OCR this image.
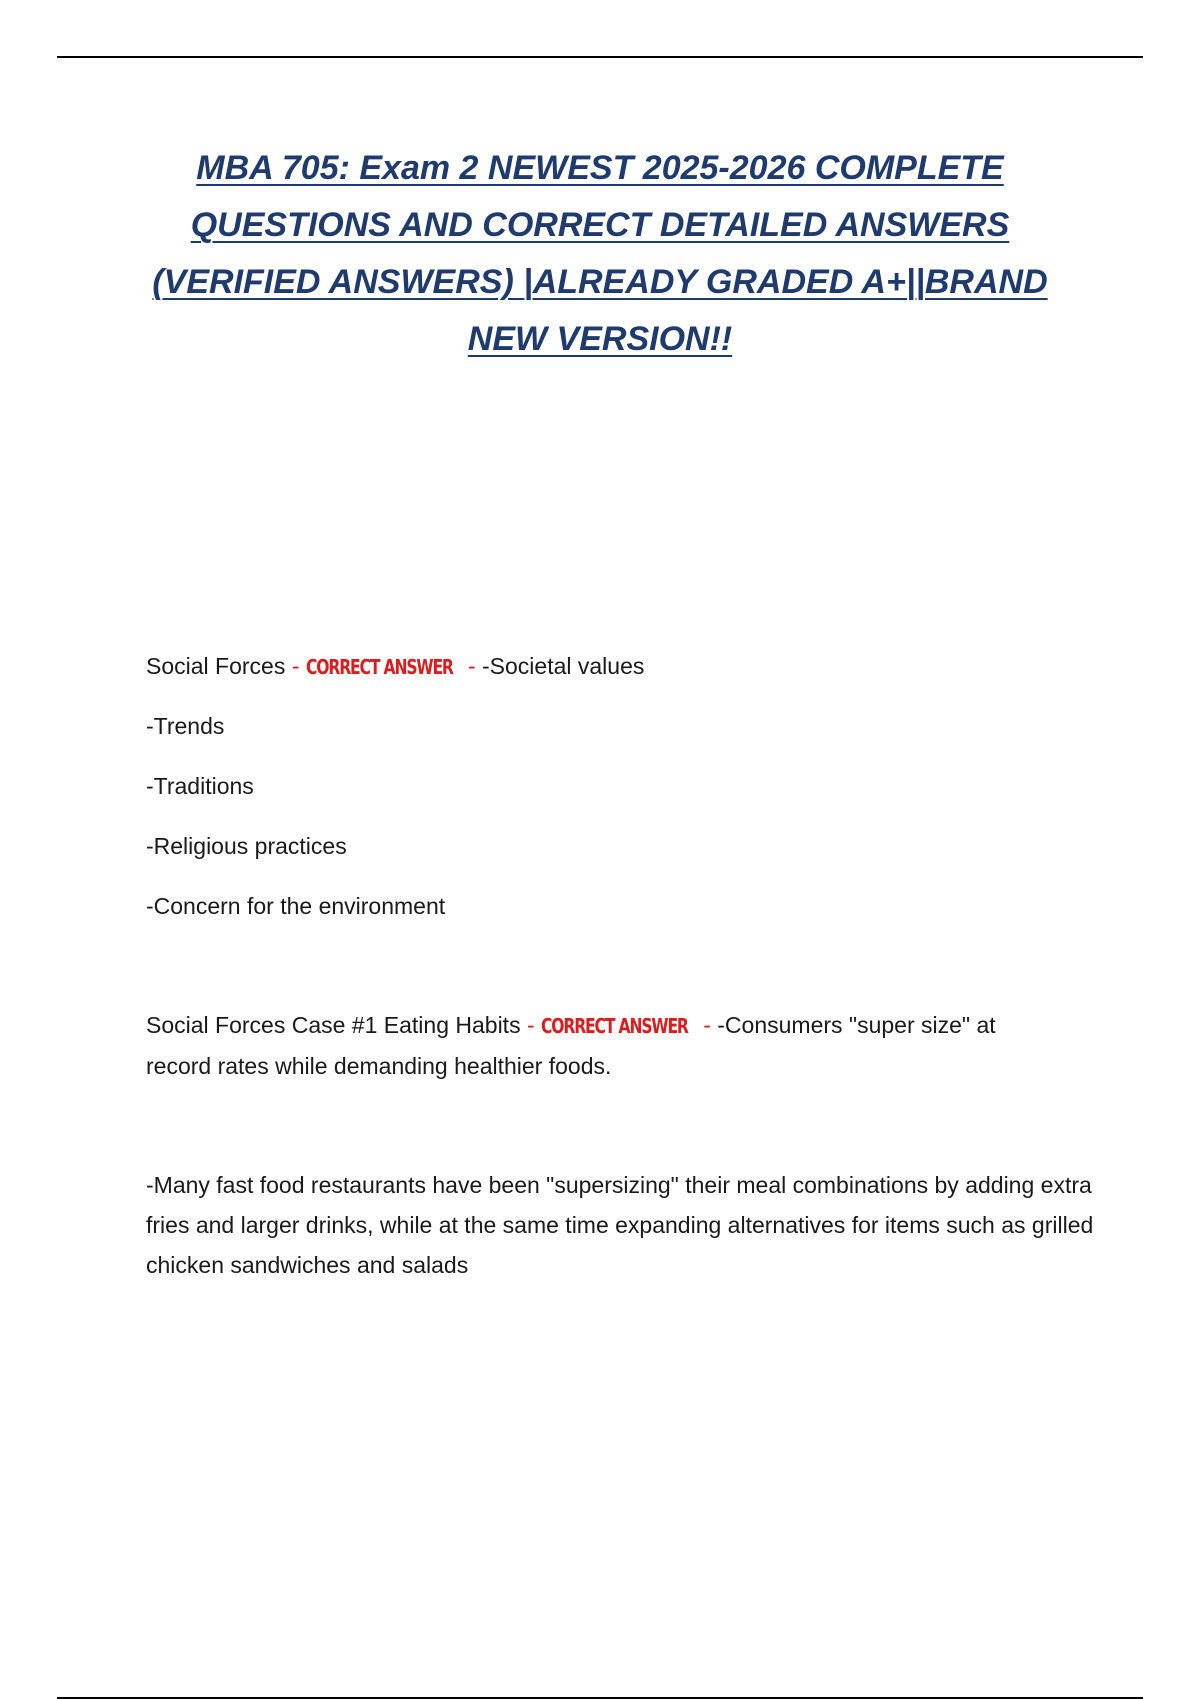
MBA 705: Exam 2 NEWEST 2025-2026 COMPLETE

QUESTIONS AND CORRECT DETAILED ANSWERS

(VERIFIED ANSWERS) |ALREADY GRADED A+||BRAND

NEW VERSION!!

Social Forces - CORRECT ANSWER - -Societal values

-Trends

-Traditions

-Religious practices

-Concern for the environment

Social Forces Case #1 Eating Habits - CORRECT ANSWER - -Consumers "super size" at

record rates while demanding healthier foods.

-Many fast food restaurants have been "supersizing" their meal combinations by adding extra fries and larger drinks, while at the same time expanding alternatives for items such as grilled chicken sandwiches and salads
